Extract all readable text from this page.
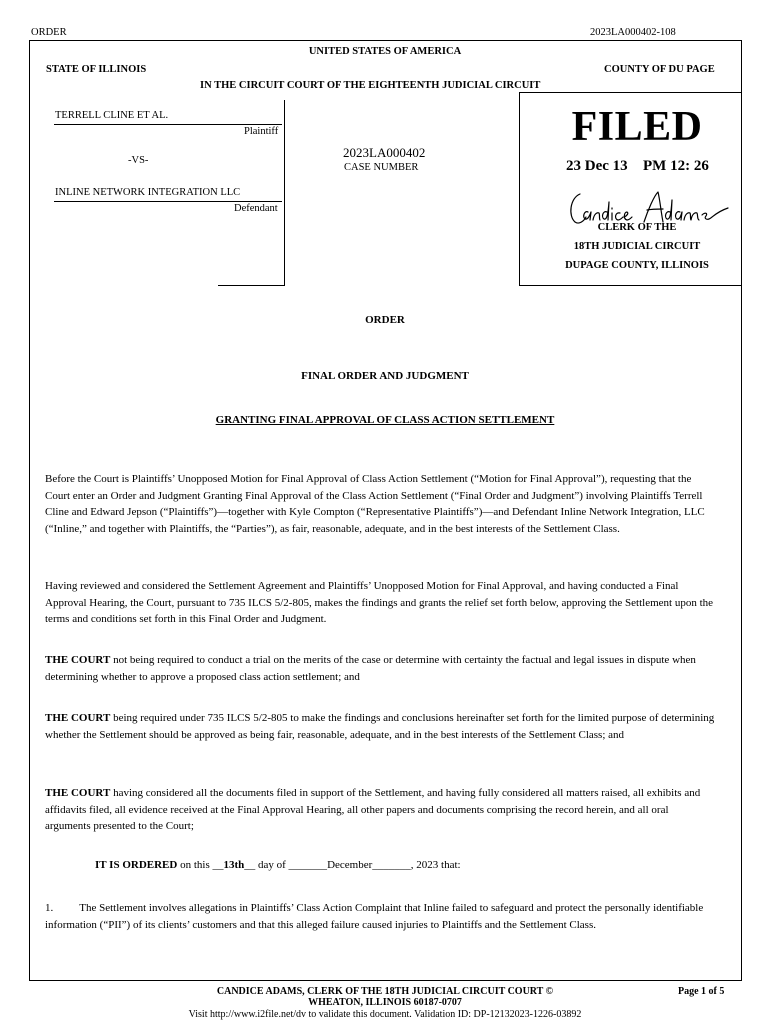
ORDER	2023LA000402-108
UNITED STATES OF AMERICA
STATE OF ILLINOIS	COUNTY OF DU PAGE
IN THE CIRCUIT COURT OF THE EIGHTEENTH JUDICIAL CIRCUIT
TERRELL CLINE ET AL.
Plaintiff
-VS-
INLINE NETWORK INTEGRATION LLC
Defendant
2023LA000402
CASE NUMBER
FILED
23 Dec 13 PM 12: 26
CLERK OF THE
18TH JUDICIAL CIRCUIT
DUPAGE COUNTY, ILLINOIS
ORDER
FINAL ORDER AND JUDGMENT
GRANTING FINAL APPROVAL OF CLASS ACTION SETTLEMENT

Before the Court is Plaintiffs’ Unopposed Motion for Final Approval of Class Action Settlement (“Motion for Final Approval”), requesting that the Court enter an Order and Judgment Granting Final Approval of the Class Action Settlement (“Final Order and Judgment”) involving Plaintiffs Terrell Cline and Edward Jepson (“Plaintiffs”)—together with Kyle Compton (“Representative Plaintiffs”)—and Defendant Inline Network Integration, LLC (“Inline,” and together with Plaintiffs, the “Parties”), as fair, reasonable, adequate, and in the best interests of the Settlement Class.

Having reviewed and considered the Settlement Agreement and Plaintiffs’ Unopposed Motion for Final Approval, and having conducted a Final Approval Hearing, the Court, pursuant to 735 ILCS 5/2-805, makes the findings and grants the relief set forth below, approving the Settlement upon the terms and conditions set forth in this Final Order and Judgment.

THE COURT not being required to conduct a trial on the merits of the case or determine with certainty the factual and legal issues in dispute when determining whether to approve a proposed class action settlement; and

THE COURT being required under 735 ILCS 5/2-805 to make the findings and conclusions hereinafter set forth for the limited purpose of determining whether the Settlement should be approved as being fair, reasonable, adequate, and in the best interests of the Settlement Class; and

THE COURT having considered all the documents filed in support of the Settlement, and having fully considered all matters raised, all exhibits and affidavits filed, all evidence received at the Final Approval Hearing, all other papers and documents comprising the record herein, and all oral arguments presented to the Court;

IT IS ORDERED on this __13th__ day of _______December_______, 2023 that:

1. The Settlement involves allegations in Plaintiffs’ Class Action Complaint that Inline failed to safeguard and protect the personally identifiable information (“PII”) of its clients’ customers and that this alleged failure caused injuries to Plaintiffs and the Settlement Class.

CANDICE ADAMS, CLERK OF THE 18TH JUDICIAL CIRCUIT COURT ©
WHEATON, ILLINOIS 60187-0707
Page 1 of 5
Visit http://www.i2file.net/dv to validate this document. Validation ID: DP-12132023-1226-03892
